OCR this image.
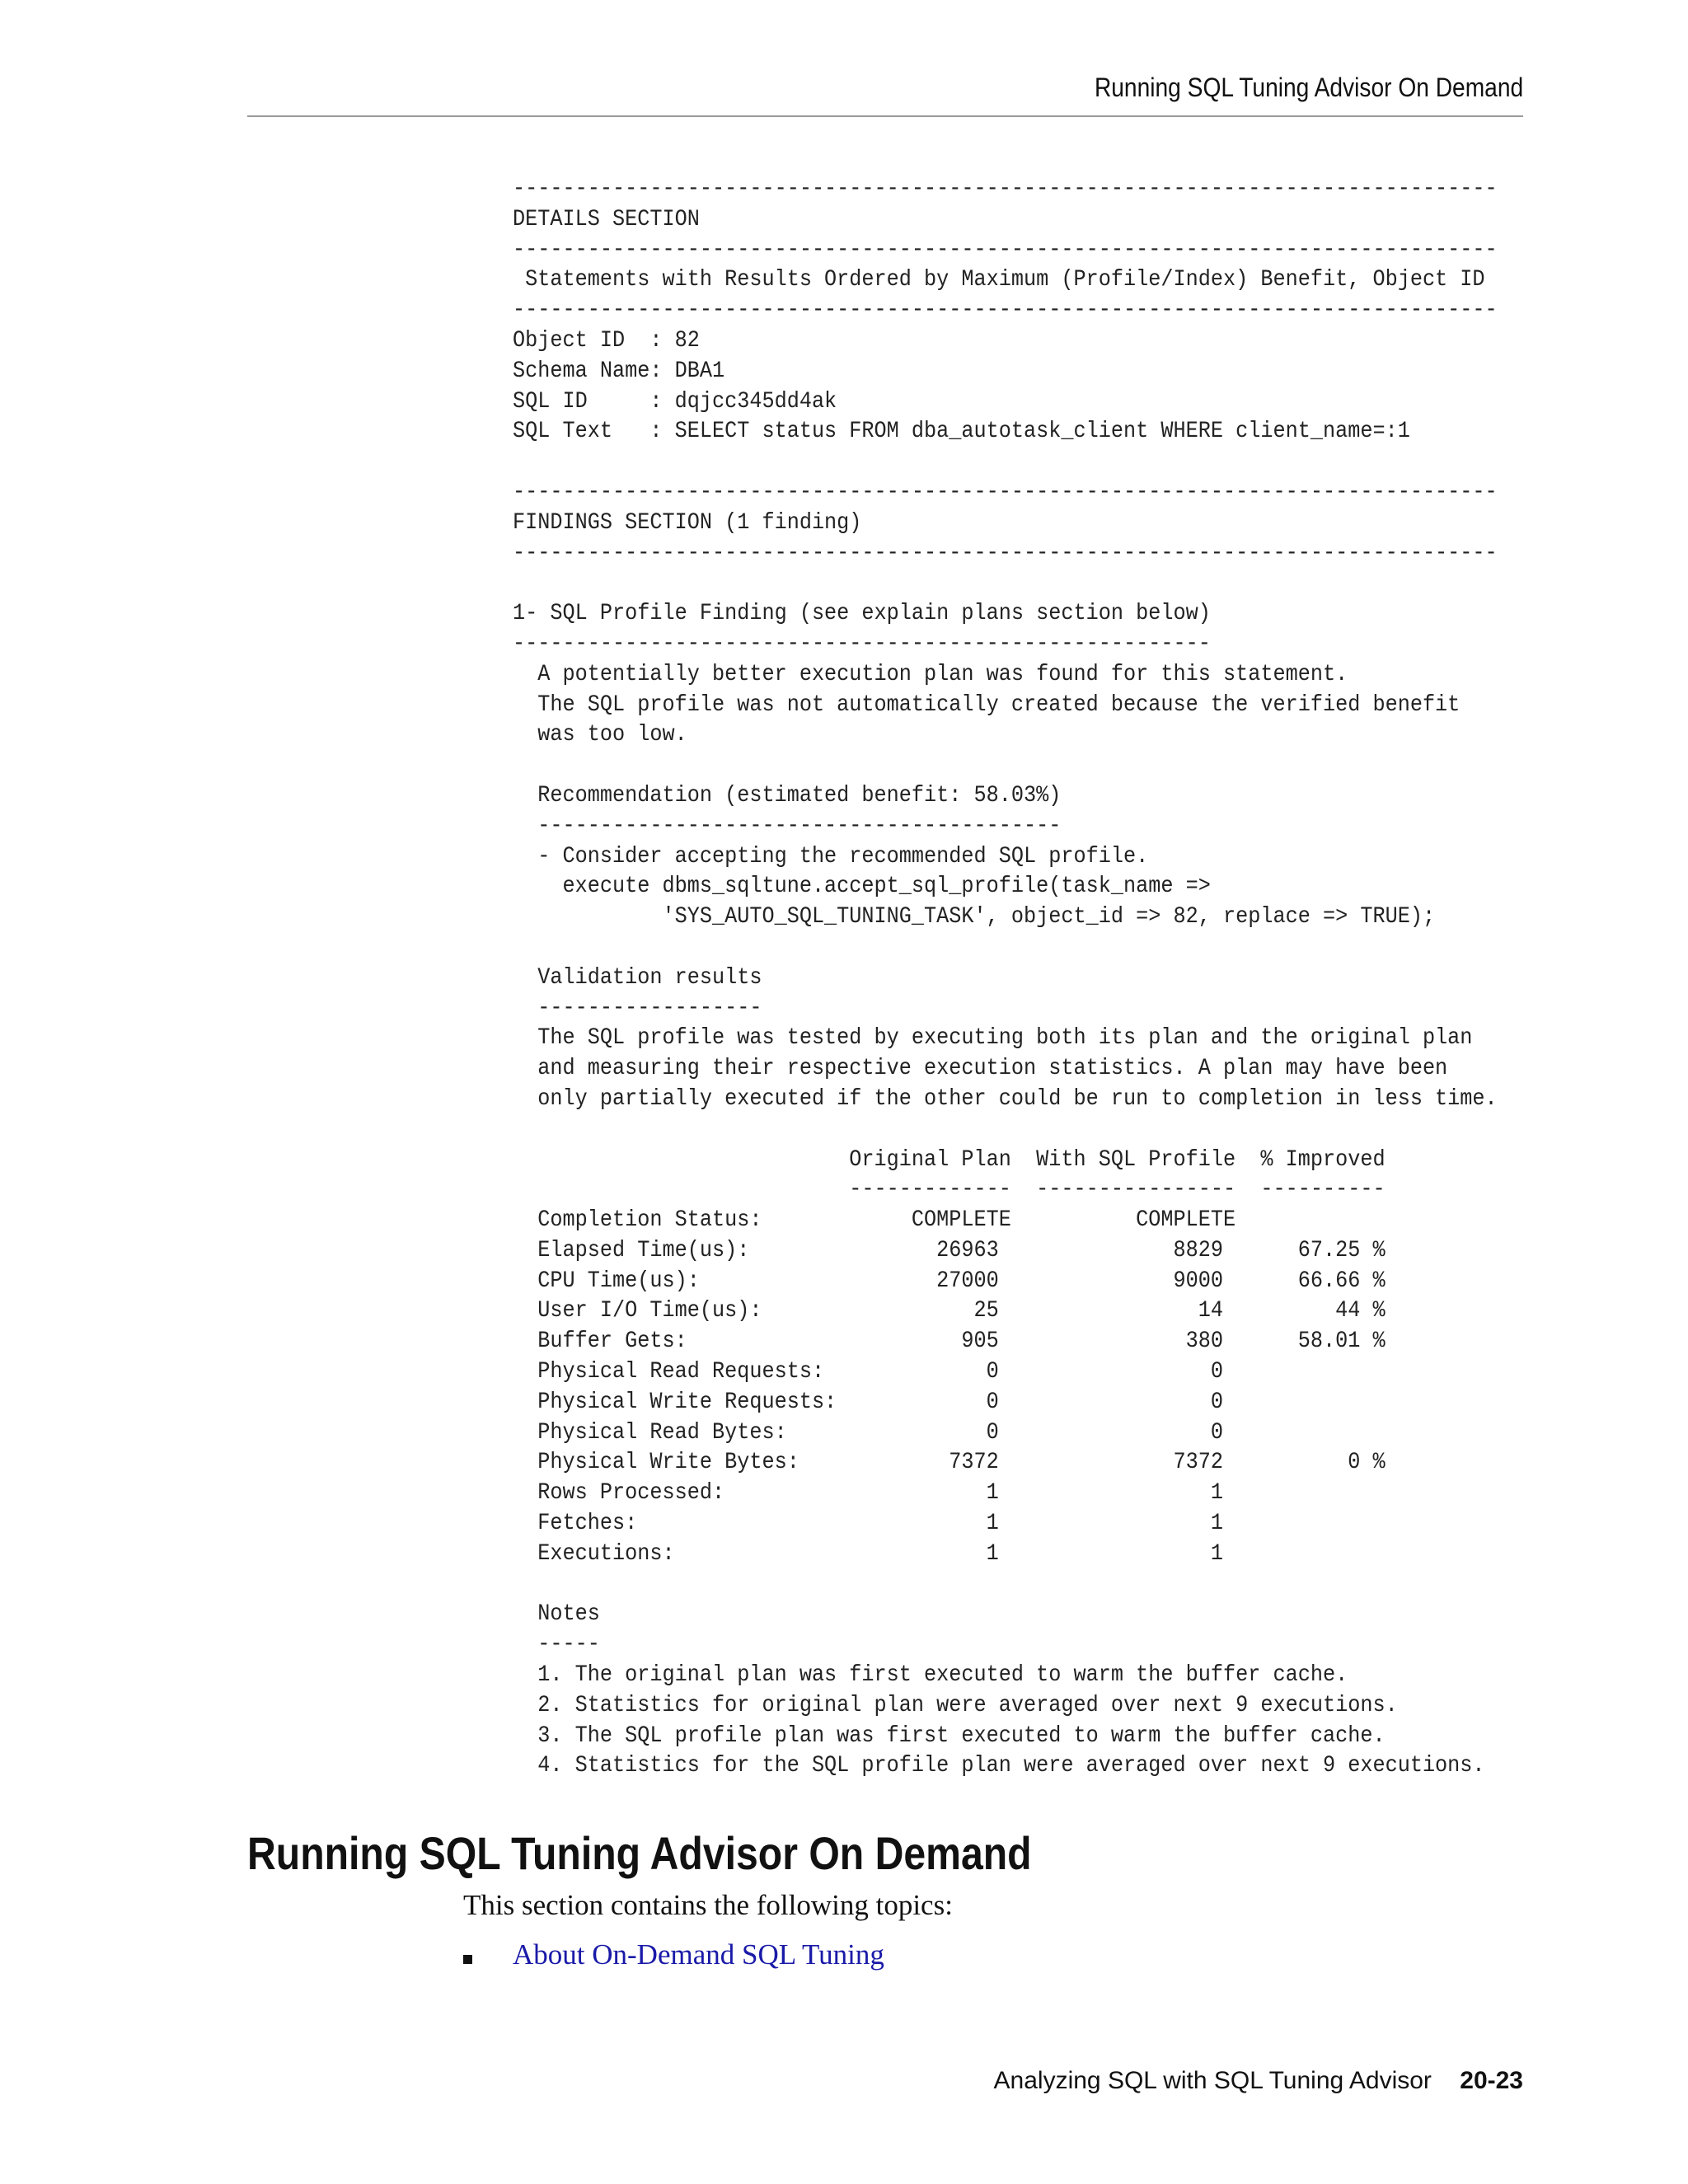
Running SQL Tuning Advisor On Demand
-------------------------------------------------------------------------------
DETAILS SECTION
-------------------------------------------------------------------------------
Statements with Results Ordered by Maximum (Profile/Index) Benefit, Object ID
-------------------------------------------------------------------------------
Object ID  : 82
Schema Name: DBA1
SQL ID     : dqjcc345dd4ak
SQL Text   : SELECT status FROM dba_autotask_client WHERE client_name=:1

-------------------------------------------------------------------------------
FINDINGS SECTION (1 finding)
-------------------------------------------------------------------------------

1- SQL Profile Finding (see explain plans section below)
--------------------------------------------------------
A potentially better execution plan was found for this statement.
The SQL profile was not automatically created because the verified benefit
was too low.

Recommendation (estimated benefit: 58.03%)
------------------------------------------
- Consider accepting the recommended SQL profile.
execute dbms_sqltune.accept_sql_profile(task_name =>
'SYS_AUTO_SQL_TUNING_TASK', object_id => 82, replace => TRUE);

Validation results
------------------
The SQL profile was tested by executing both its plan and the original plan
and measuring their respective execution statistics. A plan may have been
only partially executed if the other could be run to completion in less time.

Original Plan  With SQL Profile  % Improved
-------------  ----------------  ----------
Completion Status:            COMPLETE          COMPLETE
Elapsed Time(us):               26963              8829      67.25 %
CPU Time(us):                   27000              9000      66.66 %
User I/O Time(us):                 25                14         44 %
Buffer Gets:                      905               380      58.01 %
Physical Read Requests:             0                 0
Physical Write Requests:            0                 0
Physical Read Bytes:                0                 0
Physical Write Bytes:            7372              7372          0 %
Rows Processed:                     1                 1
Fetches:                            1                 1
Executions:                         1                 1

Notes
-----
1. The original plan was first executed to warm the buffer cache.
2. Statistics for original plan were averaged over next 9 executions.
3. The SQL profile plan was first executed to warm the buffer cache.
4. Statistics for the SQL profile plan were averaged over next 9 executions.
Running SQL Tuning Advisor On Demand

This section contains the following topics:

About On-Demand SQL Tuning
Analyzing SQL with SQL Tuning Advisor 20-23
